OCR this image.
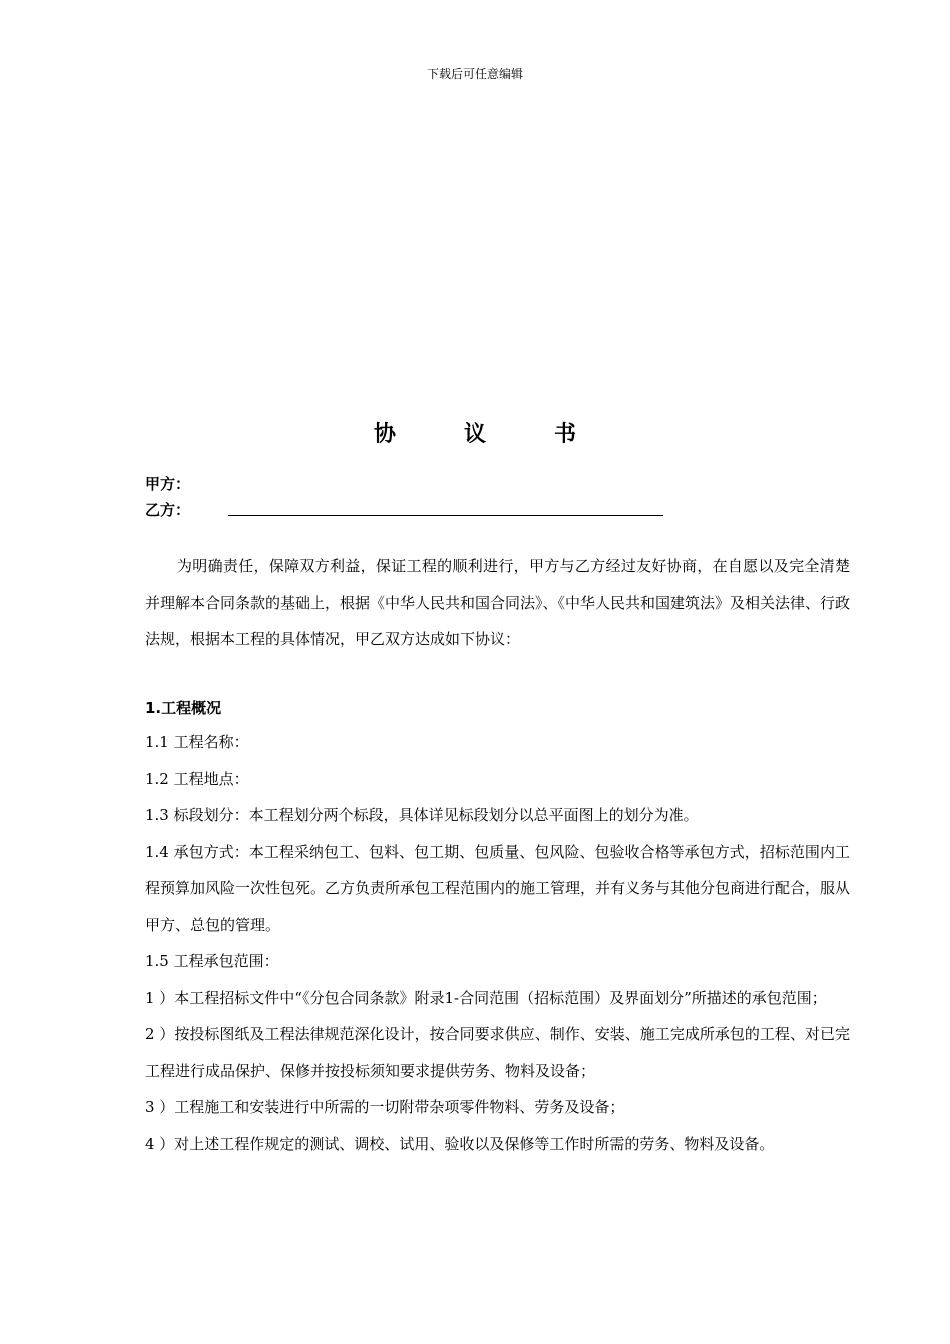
下载后可任意编辑
协	议	书
甲方：
乙方：
为明确责任，保障双方利益，保证工程的顺利进行，甲方与乙方经过友好协商，在自愿以及完全清楚并理解本合同条款的基础上，根据《中华人民共和国合同法》、《中华人民共和国建筑法》及相关法律、行政法规，根据本工程的具体情况，甲乙双方达成如下协议：
1.工程概况

1.1 工程名称：

1.2 工程地点：

1.3 标段划分：本工程划分两个标段，具体详见标段划分以总平面图上的划分为准。

1.4 承包方式：本工程采纳包工、包料、包工期、包质量、包风险、包验收合格等承包方式，招标范围内工程预算加风险一次性包死。乙方负责所承包工程范围内的施工管理，并有义务与其他分包商进行配合，服从甲方、总包的管理。

1.5 工程承包范围：

1 ）本工程招标文件中“《分包合同条款》附录1-合同范围（招标范围）及界面划分”所描述的承包范围；

2 ）按投标图纸及工程法律规范深化设计，按合同要求供应、制作、安装、施工完成所承包的工程、对已完工程进行成品保护、保修并按投标须知要求提供劳务、物料及设备；

3 ）工程施工和安装进行中所需的一切附带杂项零件物料、劳务及设备；

4 ）对上述工程作规定的测试、调校、试用、验收以及保修等工作时所需的劳务、物料及设备。
